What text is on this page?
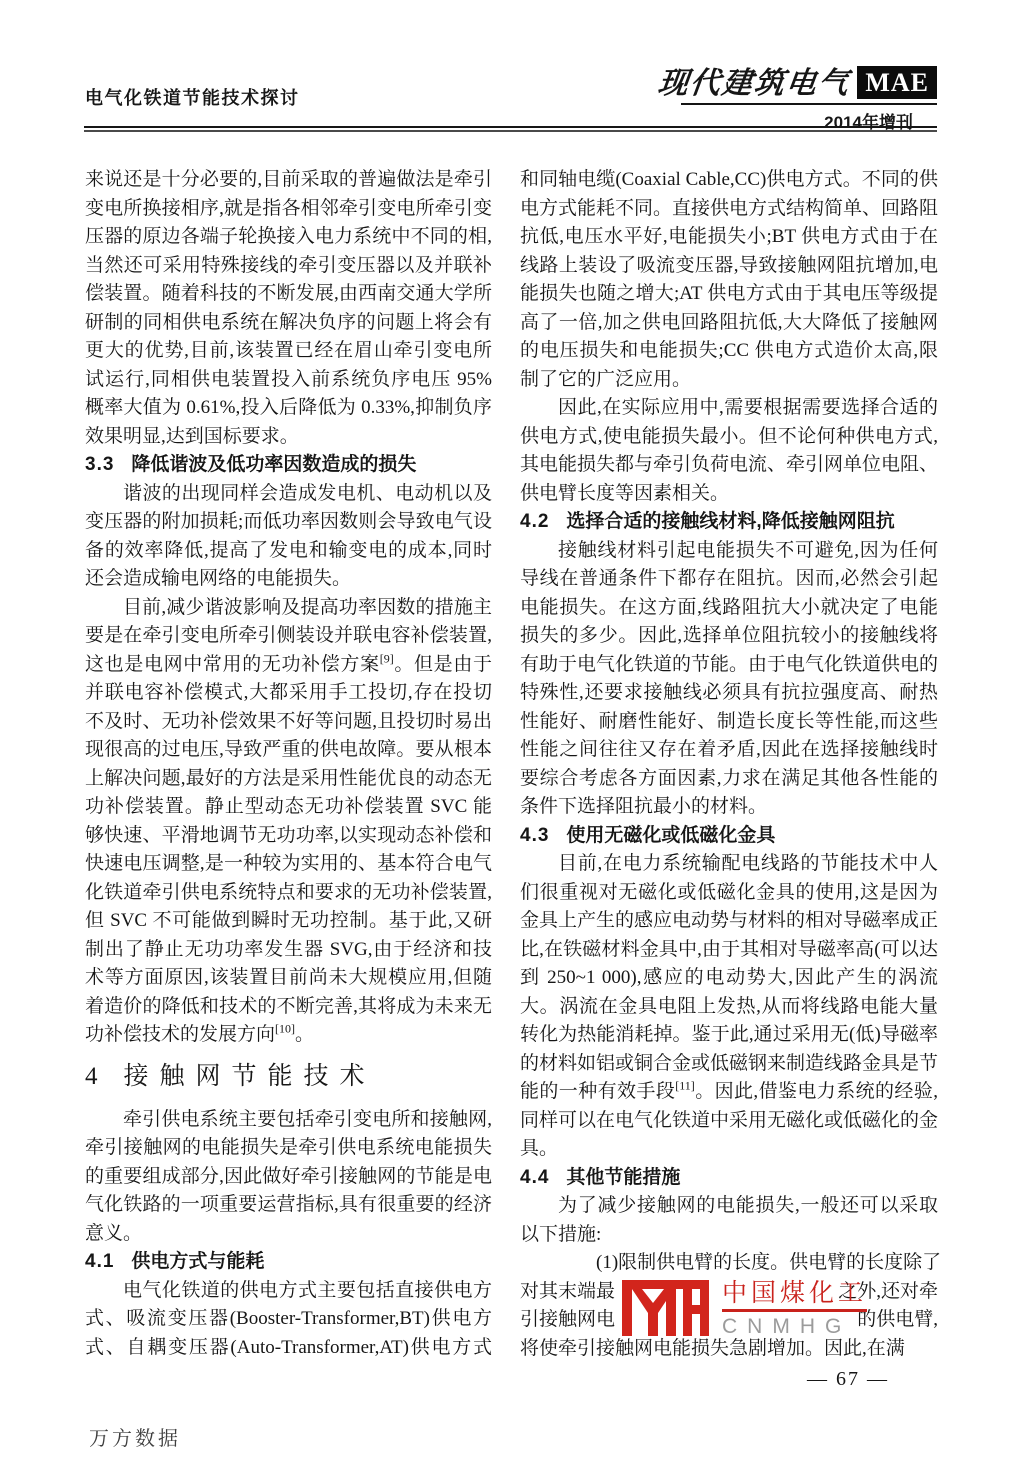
电气化铁道节能技术探讨	现代建筑电气 MAE
2014年增刊

来说还是十分必要的,目前采取的普遍做法是牵引变电所换接相序,就是指各相邻牵引变电所牵引变压器的原边各端子轮换接入电力系统中不同的相,当然还可采用特殊接线的牵引变压器以及并联补偿装置。随着科技的不断发展,由西南交通大学所研制的同相供电系统在解决负序的问题上将会有更大的优势,目前,该装置已经在眉山牵引变电所试运行,同相供电装置投入前系统负序电压 95% 概率大值为 0.61%,投入后降低为 0.33%,抑制负序效果明显,达到国标要求。

3.3 降低谐波及低功率因数造成的损失

谐波的出现同样会造成发电机、电动机以及变压器的附加损耗;而低功率因数则会导致电气设备的效率降低,提高了发电和输变电的成本,同时还会造成输电网络的电能损失。

目前,减少谐波影响及提高功率因数的措施主要是在牵引变电所牵引侧装设并联电容补偿装置,这也是电网中常用的无功补偿方案[9]。但是由于并联电容补偿模式,大都采用手工投切,存在投切不及时、无功补偿效果不好等问题,且投切时易出现很高的过电压,导致严重的供电故障。要从根本上解决问题,最好的方法是采用性能优良的动态无功补偿装置。静止型动态无功补偿装置 SVC 能够快速、平滑地调节无功功率,以实现动态补偿和快速电压调整,是一种较为实用的、基本符合电气化铁道牵引供电系统特点和要求的无功补偿装置,但 SVC 不可能做到瞬时无功控制。基于此,又研制出了静止无功功率发生器 SVG,由于经济和技术等方面原因,该装置目前尚未大规模应用,但随着造价的降低和技术的不断完善,其将成为未来无功补偿技术的发展方向[10]。

4 接触网节能技术

牵引供电系统主要包括牵引变电所和接触网,牵引接触网的电能损失是牵引供电系统电能损失的重要组成部分,因此做好牵引接触网的节能是电气化铁路的一项重要运营指标,具有很重要的经济意义。

4.1 供电方式与能耗

电气化铁道的供电方式主要包括直接供电方式、吸流变压器(Booster-Transformer,BT)供电方式、自耦变压器(Auto-Transformer,AT)供电方式

和同轴电缆(Coaxial Cable,CC)供电方式。不同的供电方式能耗不同。直接供电方式结构简单、回路阻抗低,电压水平好,电能损失小;BT 供电方式由于在线路上装设了吸流变压器,导致接触网阻抗增加,电能损失也随之增大;AT 供电方式由于其电压等级提高了一倍,加之供电回路阻抗低,大大降低了接触网的电压损失和电能损失;CC 供电方式造价太高,限制了它的广泛应用。

因此,在实际应用中,需要根据需要选择合适的供电方式,使电能损失最小。但不论何种供电方式,其电能损失都与牵引负荷电流、牵引网单位电阻、供电臂长度等因素相关。

4.2 选择合适的接触线材料,降低接触网阻抗

接触线材料引起电能损失不可避免,因为任何导线在普通条件下都存在阻抗。因而,必然会引起电能损失。在这方面,线路阻抗大小就决定了电能损失的多少。因此,选择单位阻抗较小的接触线将有助于电气化铁道的节能。由于电气化铁道供电的特殊性,还要求接触线必须具有抗拉强度高、耐热性能好、耐磨性能好、制造长度长等性能,而这些性能之间往往又存在着矛盾,因此在选择接触线时要综合考虑各方面因素,力求在满足其他各性能的条件下选择阻抗最小的材料。

4.3 使用无磁化或低磁化金具

目前,在电力系统输配电线路的节能技术中人们很重视对无磁化或低磁化金具的使用,这是因为金具上产生的感应电动势与材料的相对导磁率成正比,在铁磁材料金具中,由于其相对导磁率高(可以达到 250~1 000),感应的电动势大,因此产生的涡流大。涡流在金具电阻上发热,从而将线路电能大量转化为热能消耗掉。鉴于此,通过采用无(低)导磁率的材料如铝或铜合金或低磁钢来制造线路金具是节能的一种有效手段[11]。因此,借鉴电力系统的经验,同样可以在电气化铁道中采用无磁化或低磁化的金具。

4.4 其他节能措施

为了减少接触网的电能损失,一般还可以采取以下措施:

(1)限制供电臂的长度。供电臂的长度除了
对其末端最	之外,还对牵
引接触网电	的供电臂,
将使牵引接触网电能损失急剧增加。因此,在满
中国煤化工
CNMHG
— 67 —
万方数据
